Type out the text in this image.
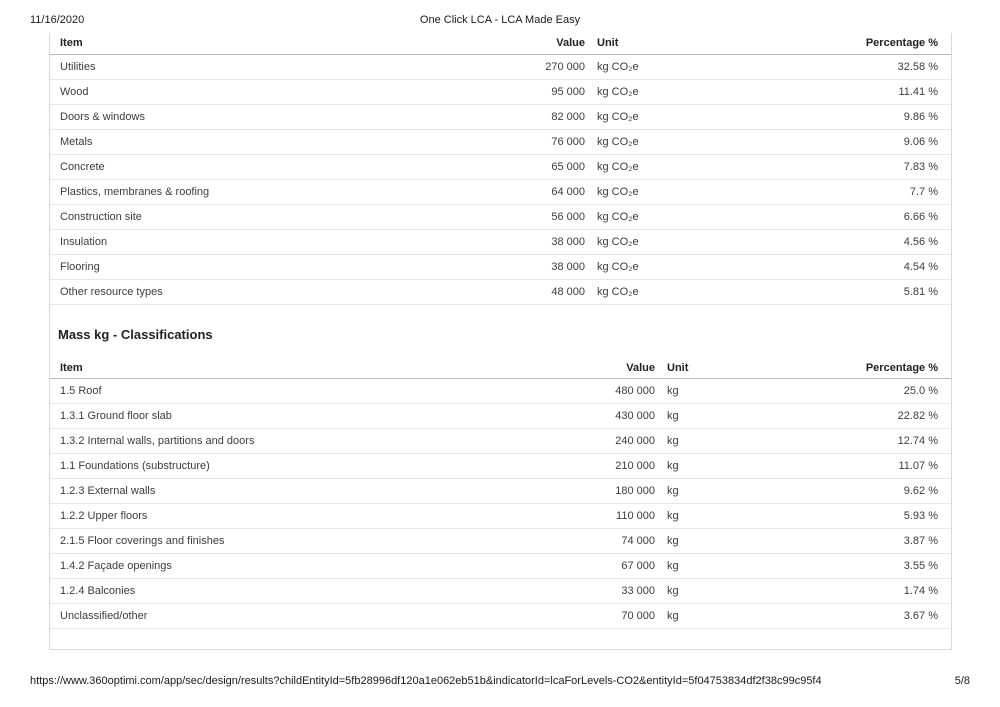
11/16/2020	One Click LCA - LCA Made Easy
Item	Value	Unit	Percentage %
Utilities	270 000	kg CO₂e	32.58 %
Wood	95 000	kg CO₂e	11.41 %
Doors & windows	82 000	kg CO₂e	9.86 %
Metals	76 000	kg CO₂e	9.06 %
Concrete	65 000	kg CO₂e	7.83 %
Plastics, membranes & roofing	64 000	kg CO₂e	7.7 %
Construction site	56 000	kg CO₂e	6.66 %
Insulation	38 000	kg CO₂e	4.56 %
Flooring	38 000	kg CO₂e	4.54 %
Other resource types	48 000	kg CO₂e	5.81 %
Mass kg - Classifications
Item	Value	Unit	Percentage %
1.5 Roof	480 000	kg	25.0 %
1.3.1 Ground floor slab	430 000	kg	22.82 %
1.3.2 Internal walls, partitions and doors	240 000	kg	12.74 %
1.1 Foundations (substructure)	210 000	kg	11.07 %
1.2.3 External walls	180 000	kg	9.62 %
1.2.2 Upper floors	110 000	kg	5.93 %
2.1.5 Floor coverings and finishes	74 000	kg	3.87 %
1.4.2 Façade openings	67 000	kg	3.55 %
1.2.4 Balconies	33 000	kg	1.74 %
Unclassified/other	70 000	kg	3.67 %
https://www.360optimi.com/app/sec/design/results?childEntityId=5fb28996df120a1e062eb51b&indicatorId=lcaForLevels-CO2&entityId=5f04753834df2f38c99c95f4	5/8
